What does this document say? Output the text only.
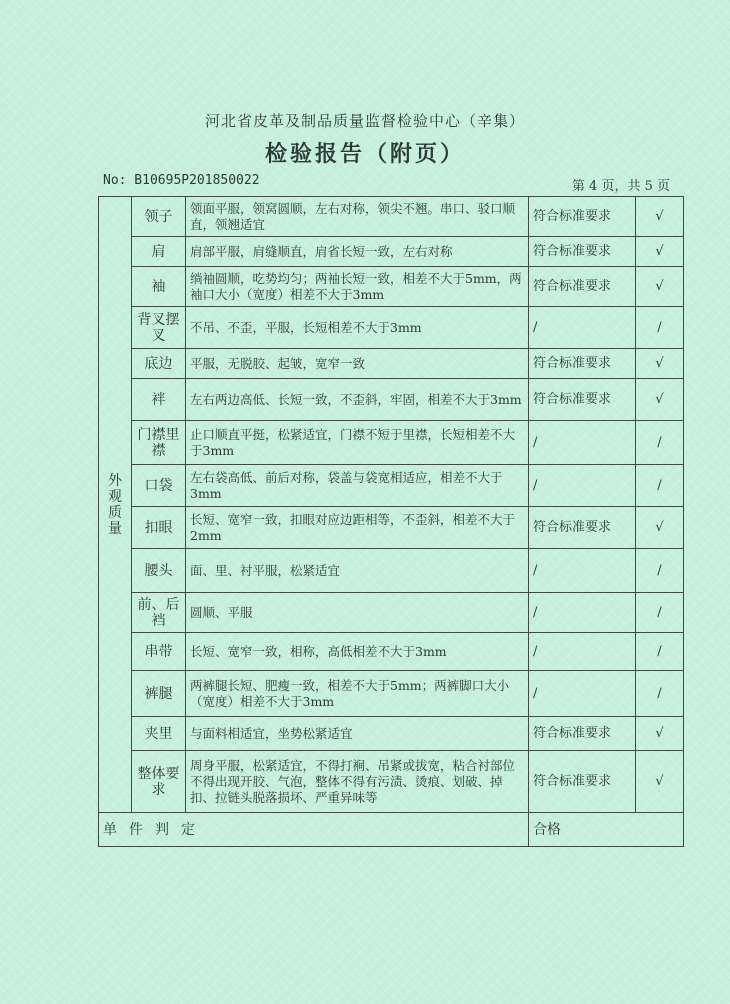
河北省皮革及制品质量监督检验中心（辛集）
检验报告（附页）
No: B10695P201850022	第 4 页，共 5 页
外
观
质
量	领子	领面平服，领窝圆顺，左右对称，领尖不翘。串口、驳口顺直，领翘适宜	符合标准要求	√
	肩	肩部平服，肩缝顺直，肩省长短一致，左右对称	符合标准要求	√
	袖	绱袖圆顺，吃势均匀；两袖长短一致，相差不大于5mm，两袖口大小（宽度）相差不大于3mm	符合标准要求	√
	背叉摆叉	不吊、不歪，平服，长短相差不大于3mm	/	/
	底边	平服，无脱胶、起皱，宽窄一致	符合标准要求	√
	袢	左右两边高低、长短一致，不歪斜，牢固，相差不大于3mm	符合标准要求	√
	门襟里襟	止口顺直平挺，松紧适宜，门襟不短于里襟，长短相差不大于3mm	/	/
	口袋	左右袋高低、前后对称，袋盖与袋宽相适应，相差不大于3mm	/	/
	扣眼	长短、宽窄一致，扣眼对应边距相等，不歪斜，相差不大于2mm	符合标准要求	√
	腰头	面、里、衬平服，松紧适宜	/	/
	前、后裆	圆顺、平服	/	/
	串带	长短、宽窄一致，相称，高低相差不大于3mm	/	/
	裤腿	两裤腿长短、肥瘦一致，相差不大于5mm；两裤脚口大小（宽度）相差不大于3mm	/	/
	夹里	与面料相适宜，坐势松紧适宜	符合标准要求	√
	整体要求	周身平服，松紧适宜，不得打裥、吊紧或拔宽，粘合衬部位不得出现开胶、气泡，整体不得有污渍、烫痕、划破、掉扣、拉链头脱落损坏、严重异味等	符合标准要求	√
单件判定			合格	
